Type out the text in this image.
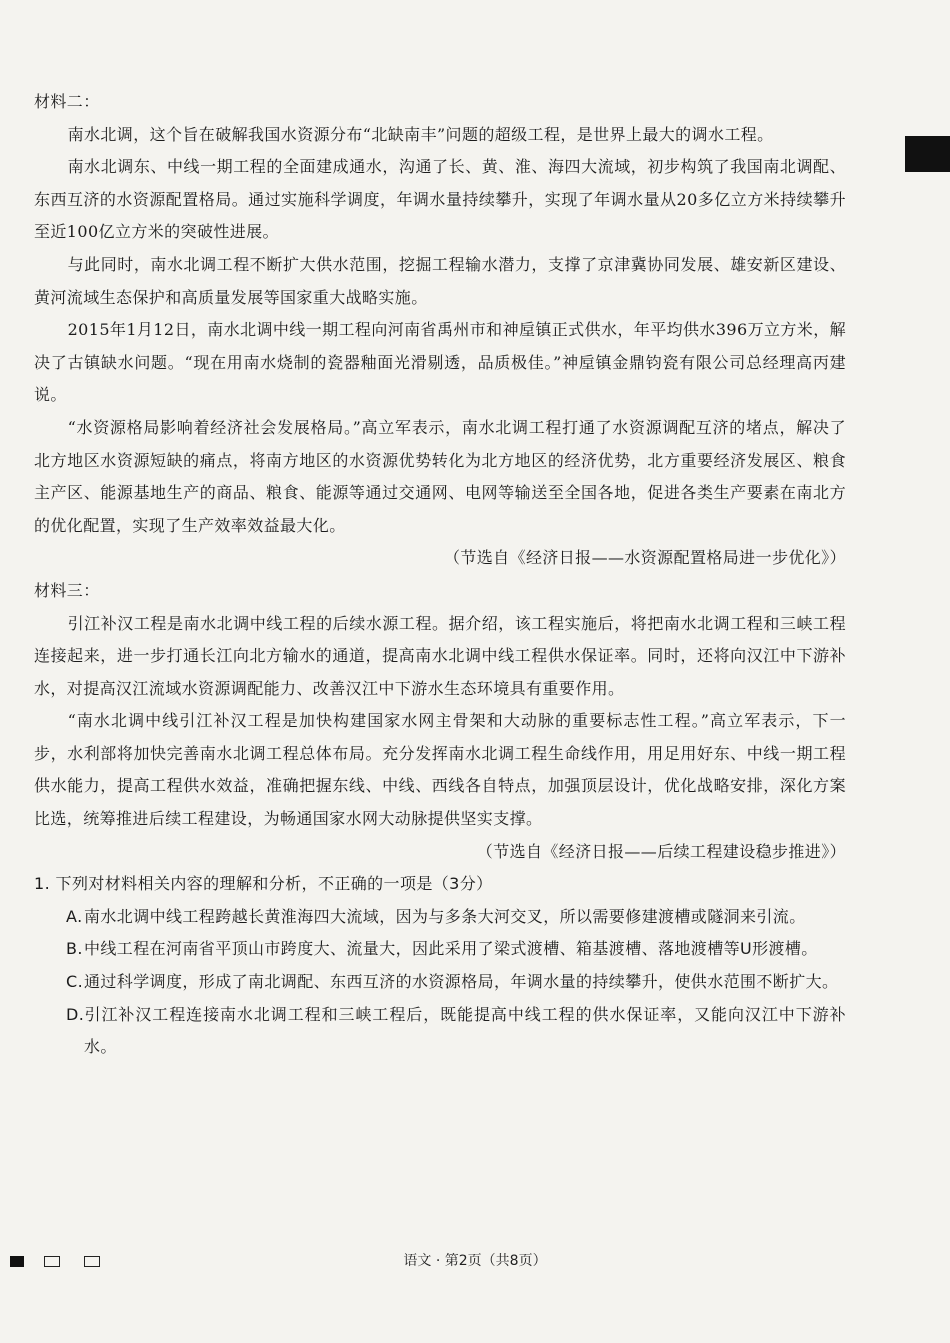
材料二：

南水北调，这个旨在破解我国水资源分布“北缺南丰”问题的超级工程，是世界上最大的调水工程。

南水北调东、中线一期工程的全面建成通水，沟通了长、黄、淮、海四大流域，初步构筑了我国南北调配、东西互济的水资源配置格局。通过实施科学调度，年调水量持续攀升，实现了年调水量从20多亿立方米持续攀升至近100亿立方米的突破性进展。

与此同时，南水北调工程不断扩大供水范围，挖掘工程输水潜力，支撑了京津冀协同发展、雄安新区建设、黄河流域生态保护和高质量发展等国家重大战略实施。

2015年1月12日，南水北调中线一期工程向河南省禹州市和神垕镇正式供水，年平均供水396万立方米，解决了古镇缺水问题。“现在用南水烧制的瓷器釉面光滑剔透，品质极佳。”神垕镇金鼎钧瓷有限公司总经理高丙建说。

“水资源格局影响着经济社会发展格局。”高立军表示，南水北调工程打通了水资源调配互济的堵点，解决了北方地区水资源短缺的痛点，将南方地区的水资源优势转化为北方地区的经济优势，北方重要经济发展区、粮食主产区、能源基地生产的商品、粮食、能源等通过交通网、电网等输送至全国各地，促进各类生产要素在南北方的优化配置，实现了生产效率效益最大化。

（节选自《经济日报——水资源配置格局进一步优化》）

材料三：

引江补汉工程是南水北调中线工程的后续水源工程。据介绍，该工程实施后，将把南水北调工程和三峡工程连接起来，进一步打通长江向北方输水的通道，提高南水北调中线工程供水保证率。同时，还将向汉江中下游补水，对提高汉江流域水资源调配能力、改善汉江中下游水生态环境具有重要作用。

“南水北调中线引江补汉工程是加快构建国家水网主骨架和大动脉的重要标志性工程。”高立军表示，下一步，水利部将加快完善南水北调工程总体布局。充分发挥南水北调工程生命线作用，用足用好东、中线一期工程供水能力，提高工程供水效益，准确把握东线、中线、西线各自特点，加强顶层设计，优化战略安排，深化方案比选，统筹推进后续工程建设，为畅通国家水网大动脉提供坚实支撑。

（节选自《经济日报——后续工程建设稳步推进》）

1. 下列对材料相关内容的理解和分析，不正确的一项是（3分）

A.南水北调中线工程跨越长黄淮海四大流域，因为与多条大河交叉，所以需要修建渡槽或隧洞来引流。

B.中线工程在河南省平顶山市跨度大、流量大，因此采用了梁式渡槽、箱基渡槽、落地渡槽等U形渡槽。

C.通过科学调度，形成了南北调配、东西互济的水资源格局，年调水量的持续攀升，使供水范围不断扩大。

D.引江补汉工程连接南水北调工程和三峡工程后，既能提高中线工程的供水保证率，又能向汉江中下游补水。

语文 · 第2页（共8页）
